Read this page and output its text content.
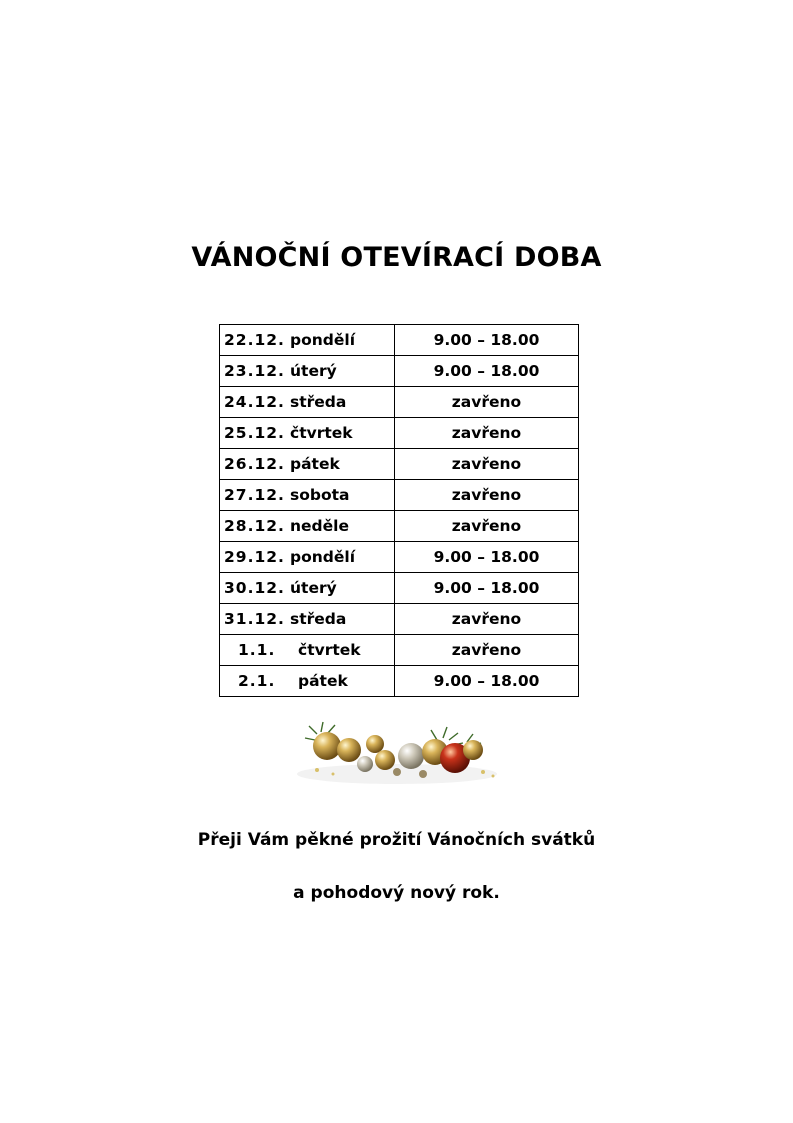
VÁNOČNÍ OTEVÍRACÍ DOBA
22.12. pondělí	9.00 – 18.00
23.12. úterý	9.00 – 18.00
24.12. středa	zavřeno
25.12. čtvrtek	zavřeno
26.12. pátek	zavřeno
27.12. sobota	zavřeno
28.12. neděle	zavřeno
29.12. pondělí	9.00 – 18.00
30.12. úterý	9.00 – 18.00
31.12. středa	zavřeno
1.1. čtvrtek	zavřeno
2.1. pátek	9.00 – 18.00
Přeji Vám pěkné prožití Vánočních svátků
a pohodový nový rok.
